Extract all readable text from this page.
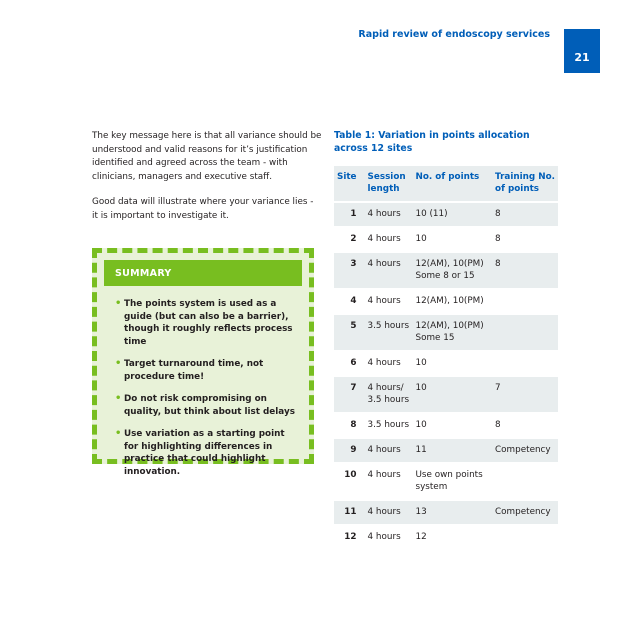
Rapid review of endoscopy services
21

The key message here is that all variance should be understood and valid reasons for it’s justification identified and agreed across the team - with clinicians, managers and executive staff.

Good data will illustrate where your variance lies - it is important to investigate it.

SUMMARY
• The points system is used as a guide (but can also be a barrier), though it roughly reflects process time
• Target turnaround time, not procedure time!
• Do not risk compromising on quality, but think about list delays
• Use variation as a starting point for highlighting differences in practice that could highlight innovation.
Table 1: Variation in points allocation across 12 sites
Site	Session length	No. of points	Training No. of points
1	4 hours	10 (11)	8
2	4 hours	10	8
3	4 hours	12(AM), 10(PM) Some 8 or 15	8
4	4 hours	12(AM), 10(PM)	
5	3.5 hours	12(AM), 10(PM) Some 15	
6	4 hours	10	
7	4 hours/ 3.5 hours	10	7
8	3.5 hours	10	8
9	4 hours	11	Competency
10	4 hours	Use own points system	
11	4 hours	13	Competency
12	4 hours	12	
